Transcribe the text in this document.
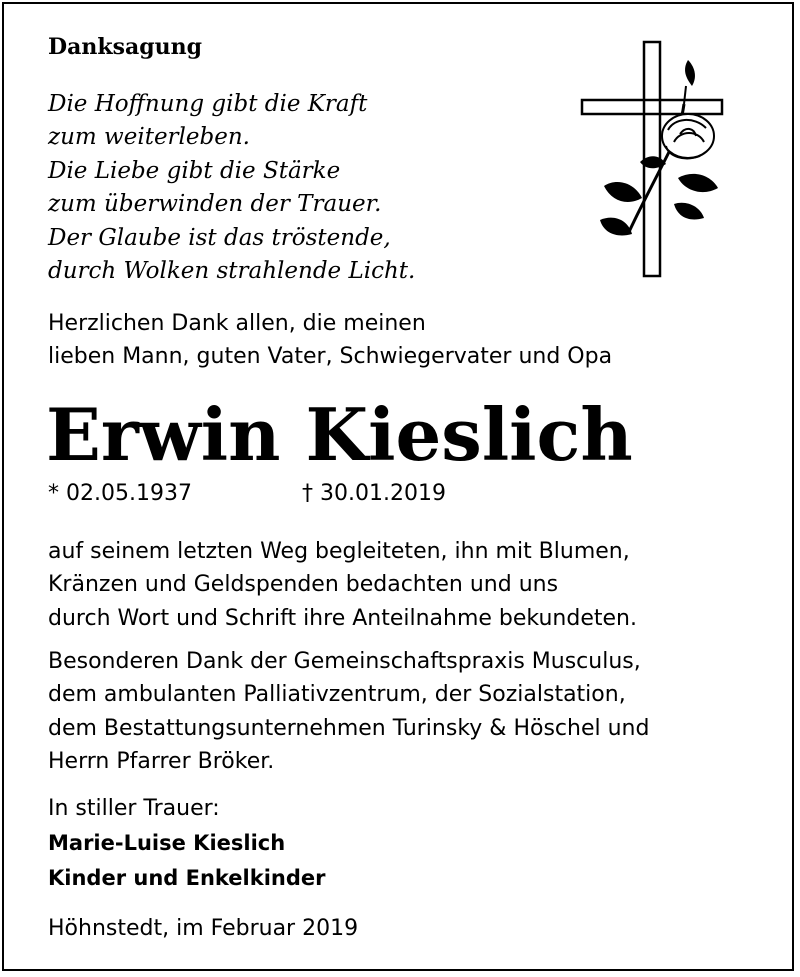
Danksagung
Die Hoffnung gibt die Kraft
zum weiterleben.
Die Liebe gibt die Stärke
zum überwinden der Trauer.
Der Glaube ist das tröstende,
durch Wolken strahlende Licht.
Herzlichen Dank allen, die meinen
lieben Mann, guten Vater, Schwiegervater und Opa
Erwin Kieslich
* 02.05.1937	† 30.01.2019
auf seinem letzten Weg begleiteten, ihn mit Blumen,
Kränzen und Geldspenden bedachten und uns
durch Wort und Schrift ihre Anteilnahme bekundeten.
Besonderen Dank der Gemeinschaftspraxis Musculus,
dem ambulanten Palliativzentrum, der Sozialstation,
dem Bestattungsunternehmen Turinsky & Höschel und
Herrn Pfarrer Bröker.
In stiller Trauer:
Marie-Luise Kieslich
Kinder und Enkelkinder
Höhnstedt, im Februar 2019
